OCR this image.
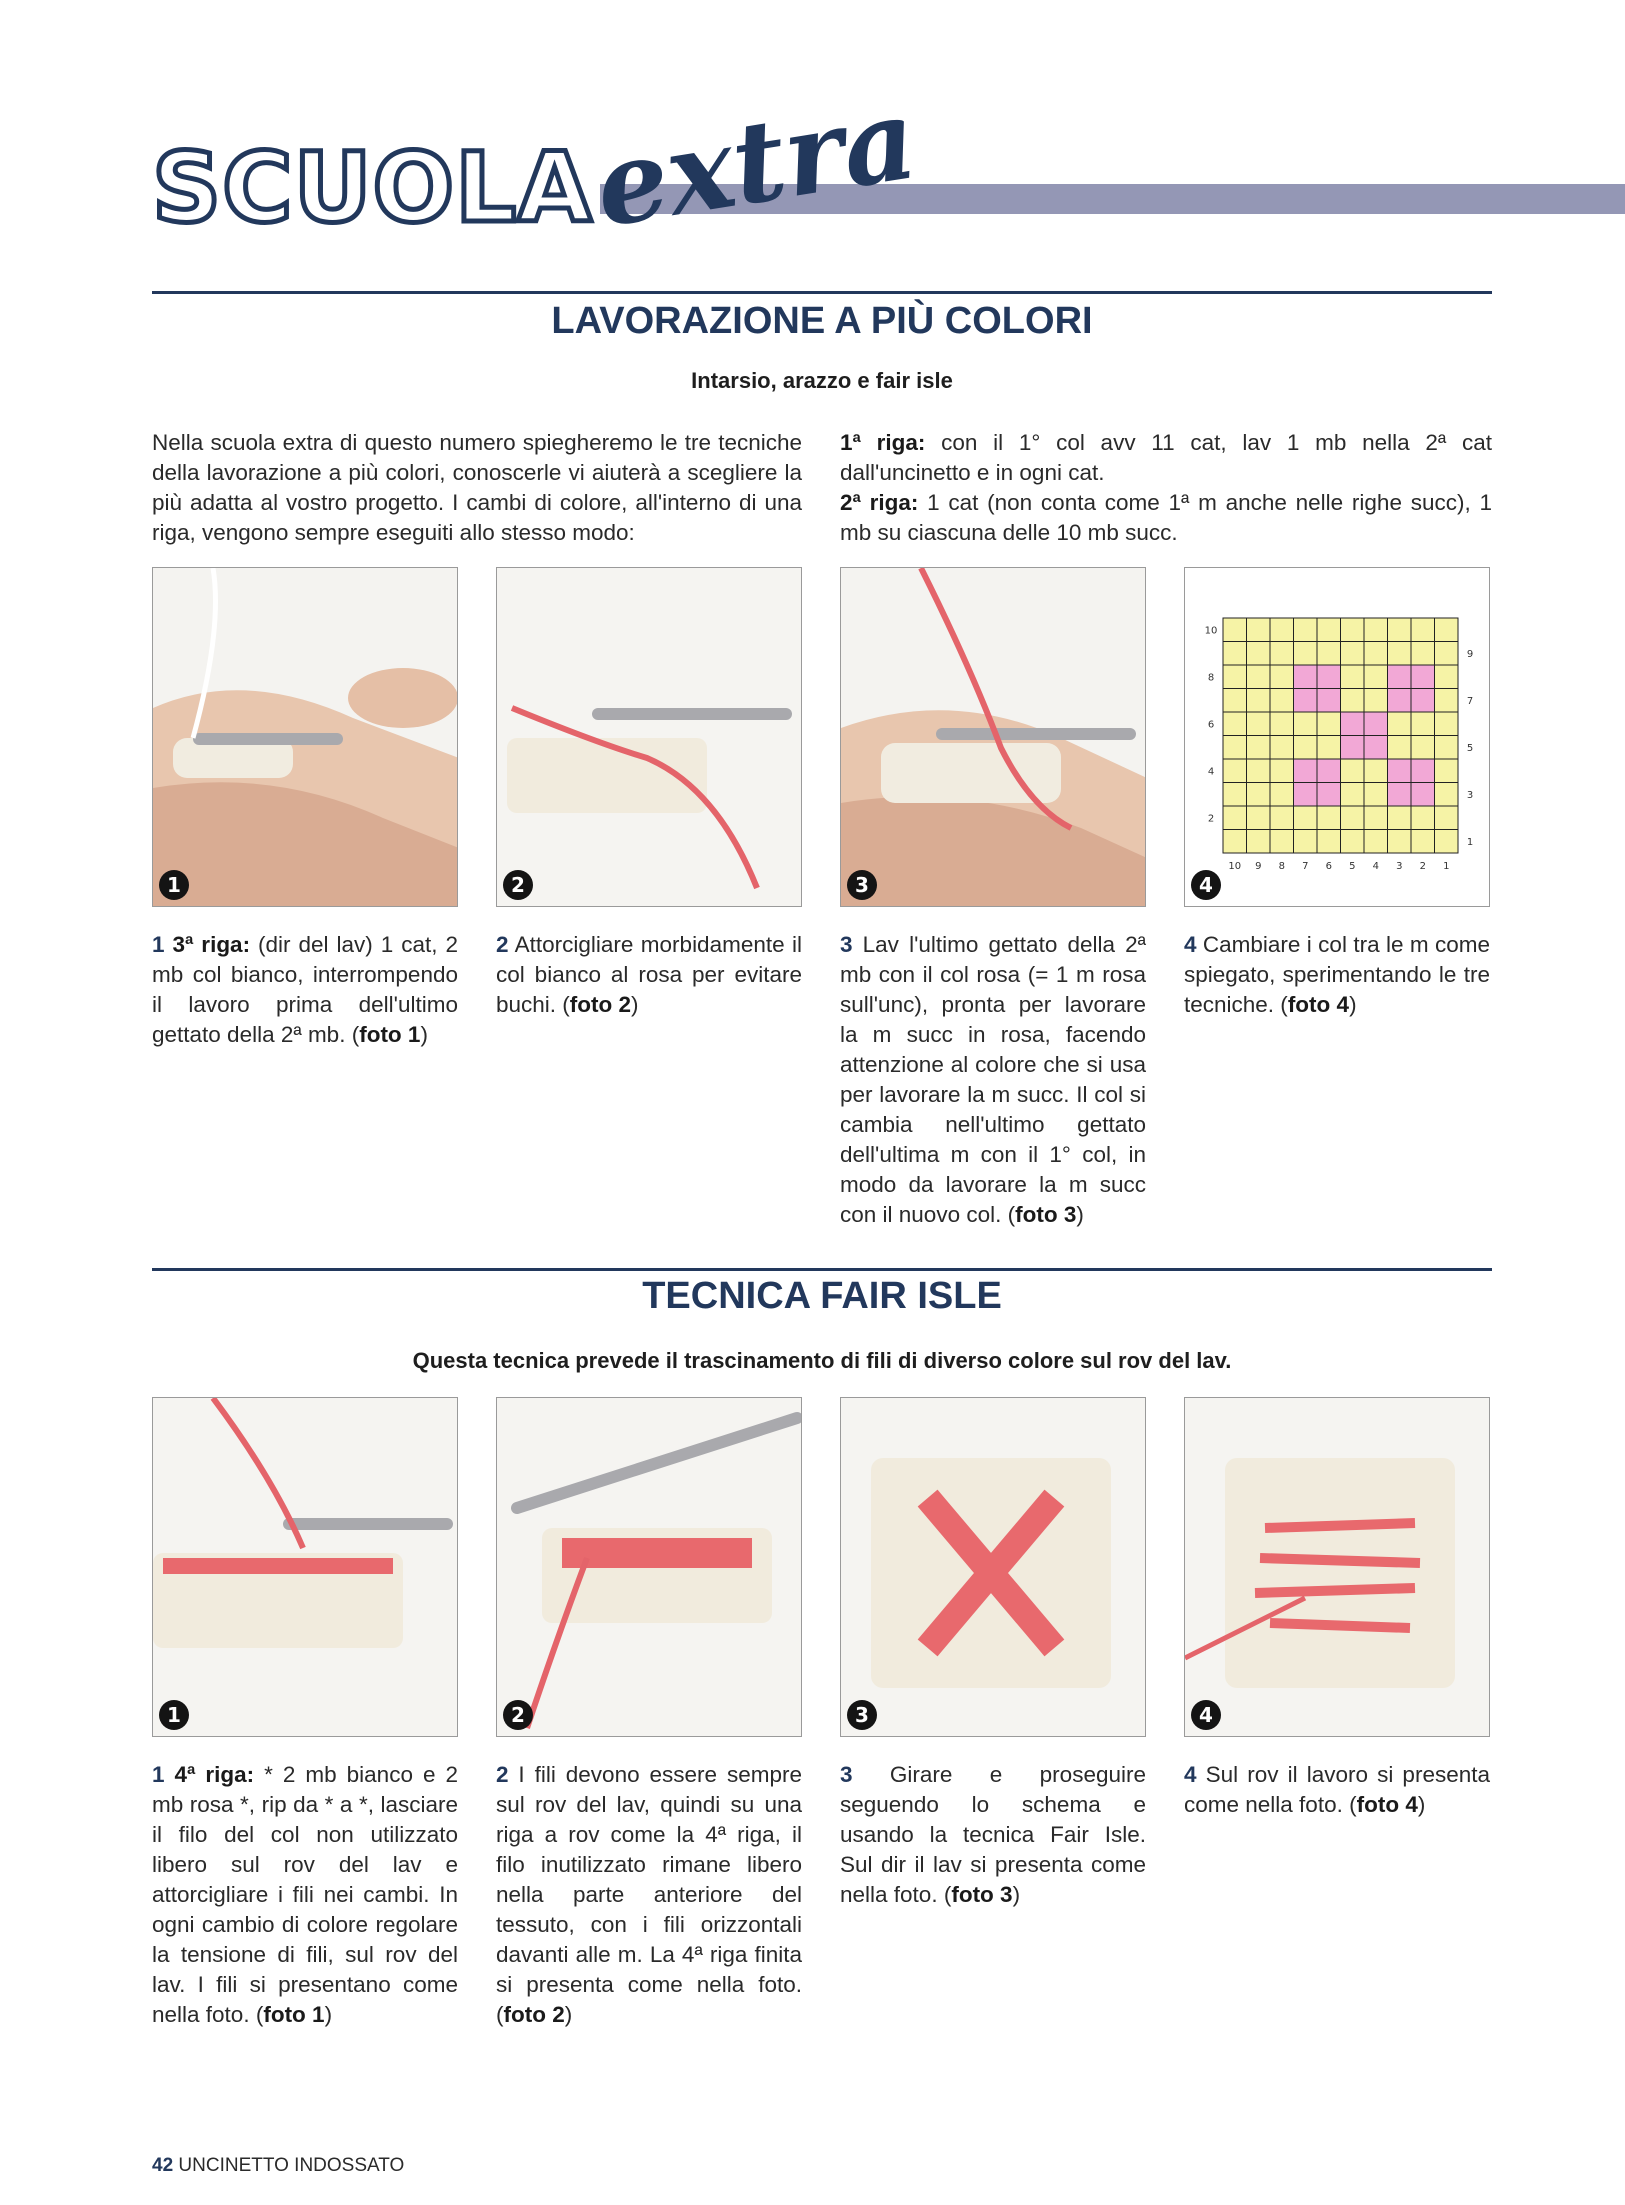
SCUOLA
extra
LAVORAZIONE A PIÙ COLORI
Intarsio, arazzo e fair isle
Nella scuola extra di questo numero spiegheremo le tre tecniche della lavorazione a più colori, conoscerle vi aiuterà a scegliere la più adatta al vostro progetto. I cambi di colore, all'interno di una riga, vengono sempre eseguiti allo stesso modo:
1ª riga: con il 1° col avv 11 cat, lav 1 mb nella 2ª cat dall'uncinetto e in ogni cat.
2ª riga: 1 cat (non conta come 1ª m anche nelle righe succ), 1 mb su ciascuna delle 10 mb succ.
1	2	3
10
8
6
4
2
9
7
5
3
1
10 9 8 7 6 5 4 3 2 1
4
1 3ª riga: (dir del lav) 1 cat, 2 mb col bianco, interrompendo il lavoro prima dell'ultimo gettato della 2ª mb. (foto 1)
2 Attorcigliare morbidamente il col bianco al rosa per evitare buchi. (foto 2)
3 Lav l'ultimo gettato della 2ª mb con il col rosa (= 1 m rosa sull'unc), pronta per lavorare la m succ in rosa, facendo attenzione al colore che si usa per lavorare la m succ. Il col si cambia nell'ultimo gettato dell'ultima m con il 1° col, in modo da lavorare la m succ con il nuovo col. (foto 3)
4 Cambiare i col tra le m come spiegato, sperimentando le tre tecniche. (foto 4)
TECNICA FAIR ISLE
Questa tecnica prevede il trascinamento di fili di diverso colore sul rov del lav.
1	2	3	4
1 4ª riga: * 2 mb bianco e 2 mb rosa *, rip da * a *, lasciare il filo del col non utilizzato libero sul rov del lav e attorcigliare i fili nei cambi. In ogni cambio di colore regolare la tensione di fili, sul rov del lav. I fili si presentano come nella foto. (foto 1)
2 I fili devono essere sempre sul rov del lav, quindi su una riga a rov come la 4ª riga, il filo inutilizzato rimane libero nella parte anteriore del tessuto, con i fili orizzontali davanti alle m. La 4ª riga finita si presenta come nella foto. (foto 2)
3 Girare e proseguire seguendo lo schema e usando la tecnica Fair Isle. Sul dir il lav si presenta come nella foto. (foto 3)
4 Sul rov il lavoro si presenta come nella foto. (foto 4)
42 UNCINETTO INDOSSATO
